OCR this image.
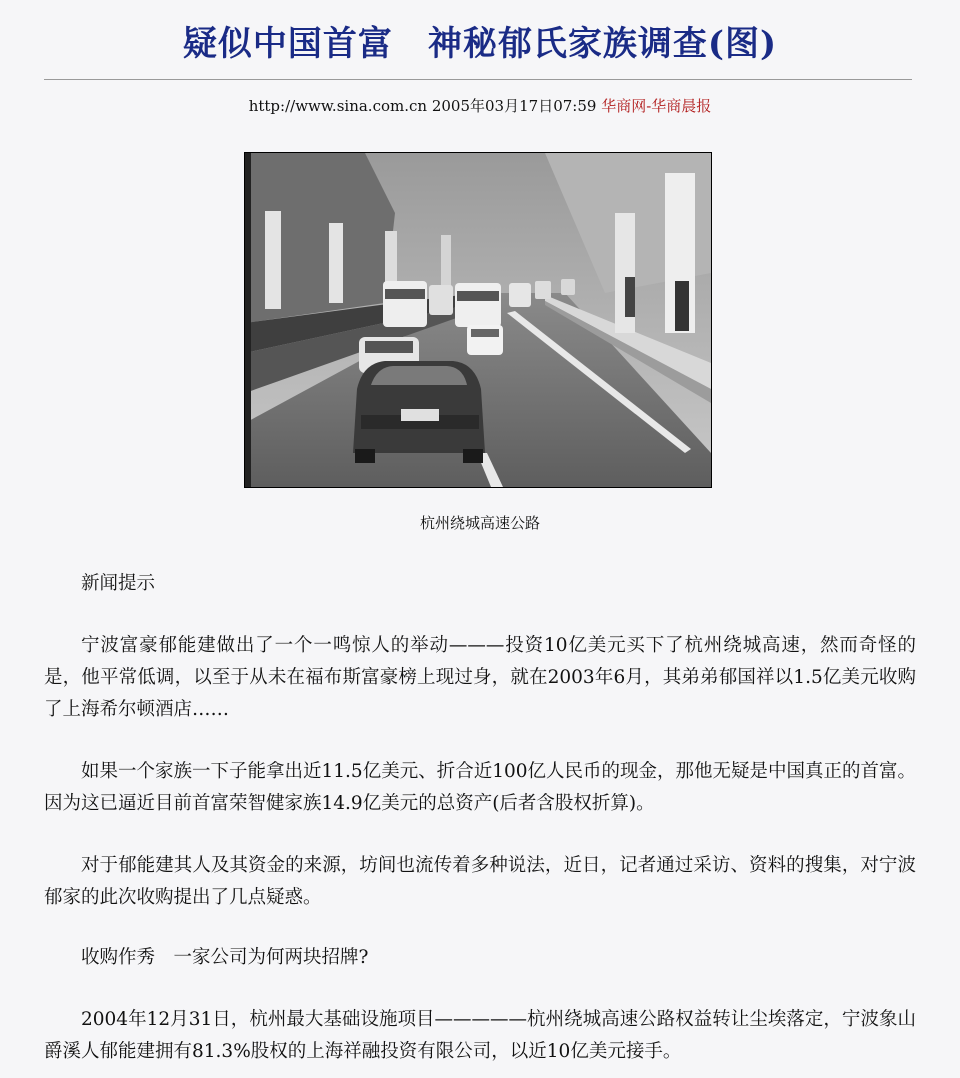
疑似中国首富　神秘郁氏家族调查(图)
http://www.sina.com.cn 2005年03月17日07:59 华商网-华商晨报
杭州绕城高速公路

新闻提示

宁波富豪郁能建做出了一个一鸣惊人的举动———投资10亿美元买下了杭州绕城高速，然而奇怪的是，他平常低调，以至于从未在福布斯富豪榜上现过身，就在2003年6月，其弟弟郁国祥以1.5亿美元收购了上海希尔顿酒店……

如果一个家族一下子能拿出近11.5亿美元、折合近100亿人民币的现金，那他无疑是中国真正的首富。因为这已逼近目前首富荣智健家族14.9亿美元的总资产(后者含股权折算)。

对于郁能建其人及其资金的来源，坊间也流传着多种说法，近日，记者通过采访、资料的搜集，对宁波郁家的此次收购提出了几点疑惑。

收购作秀　一家公司为何两块招牌?

2004年12月31日，杭州最大基础设施项目—————杭州绕城高速公路权益转让尘埃落定，宁波象山爵溪人郁能建拥有81.3%股权的上海祥融投资有限公司，以近10亿美元接手。
